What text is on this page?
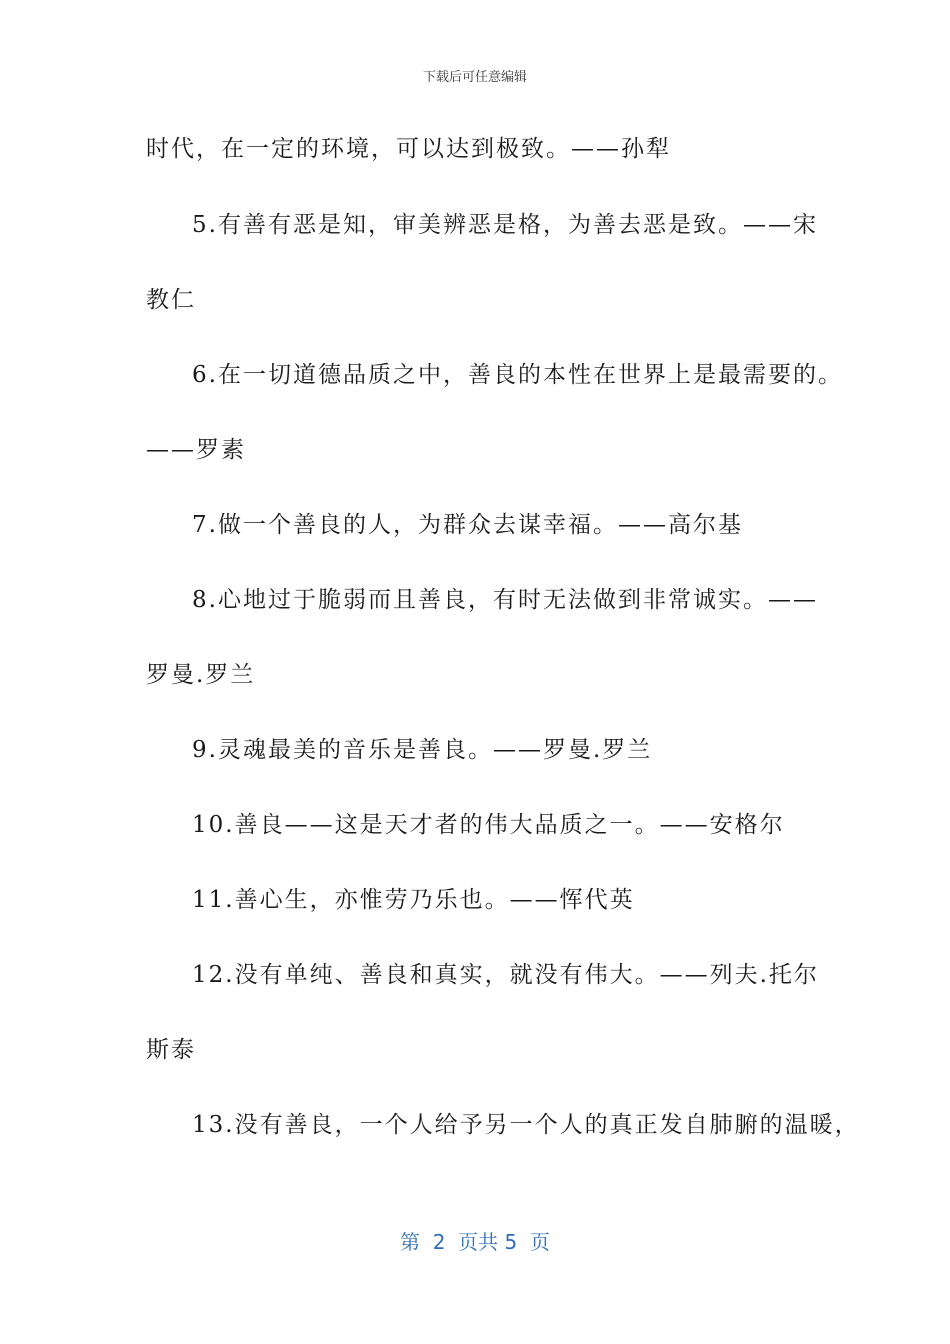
下载后可任意编辑
时代，在一定的环境，可以达到极致。——孙犁
5.有善有恶是知，审美辨恶是格，为善去恶是致。——宋
教仁
6.在一切道德品质之中，善良的本性在世界上是最需要的。
——罗素
7.做一个善良的人，为群众去谋幸福。——高尔基
8.心地过于脆弱而且善良，有时无法做到非常诚实。——
罗曼.罗兰
9.灵魂最美的音乐是善良。——罗曼.罗兰
10.善良——这是天才者的伟大品质之一。——安格尔
11.善心生，亦惟劳乃乐也。——恽代英
12.没有单纯、善良和真实，就没有伟大。——列夫.托尔
斯泰
13.没有善良，一个人给予另一个人的真正发自肺腑的温暖，
第  2  页共 5  页
